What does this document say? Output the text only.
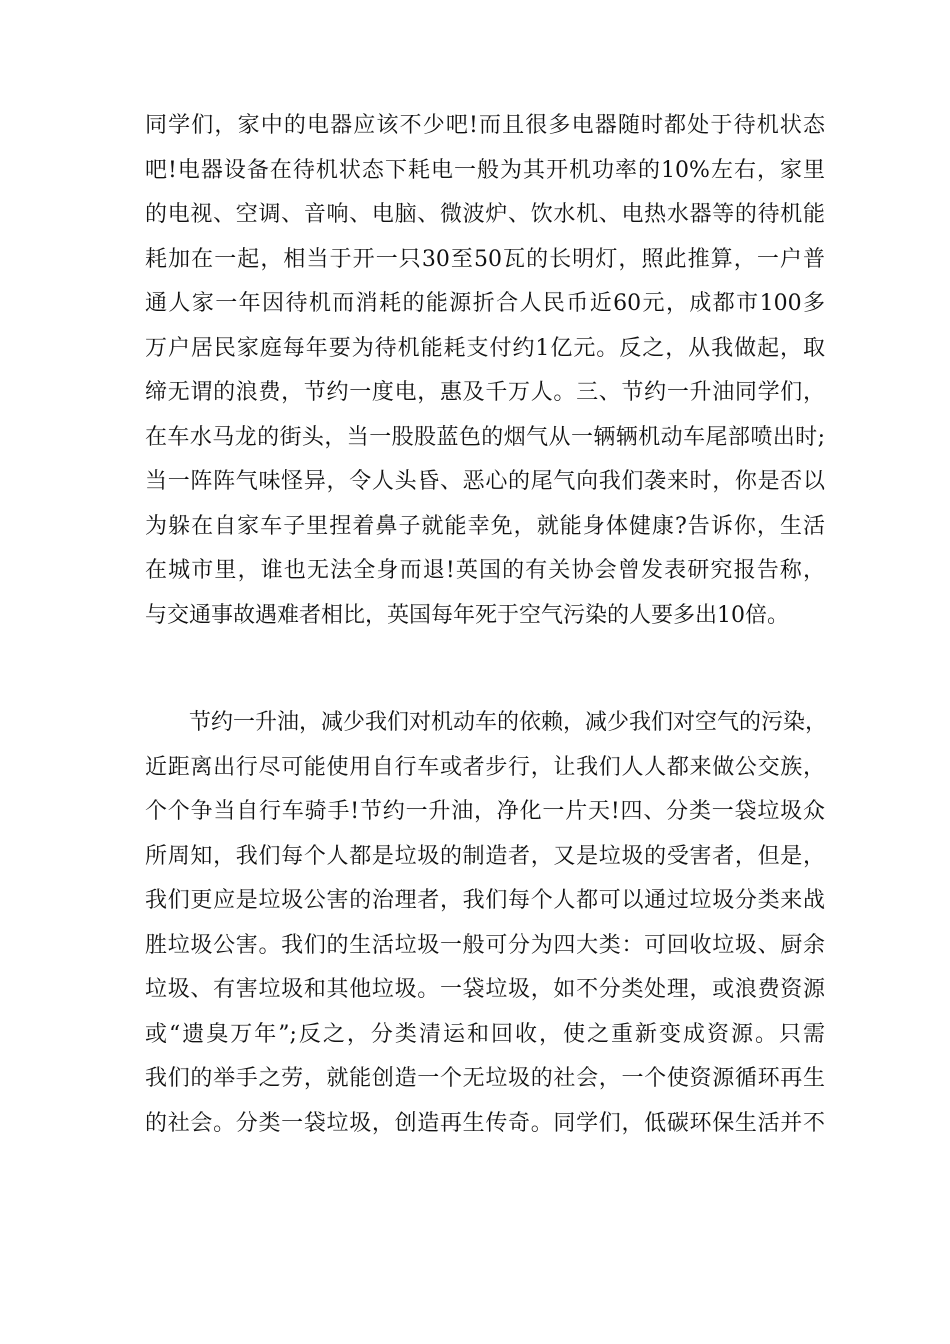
同学们，家中的电器应该不少吧!而且很多电器随时都处于待机状态
吧!电器设备在待机状态下耗电一般为其开机功率的10%左右，家里
的电视、空调、音响、电脑、微波炉、饮水机、电热水器等的待机能
耗加在一起，相当于开一只30至50瓦的长明灯，照此推算，一户普
通人家一年因待机而消耗的能源折合人民币近60元，成都市100多
万户居民家庭每年要为待机能耗支付约1亿元。反之，从我做起，取
缔无谓的浪费，节约一度电，惠及千万人。三、节约一升油同学们，
在车水马龙的街头，当一股股蓝色的烟气从一辆辆机动车尾部喷出时;
当一阵阵气味怪异，令人头昏、恶心的尾气向我们袭来时，你是否以
为躲在自家车子里捏着鼻子就能幸免，就能身体健康?告诉你，生活
在城市里，谁也无法全身而退!英国的有关协会曾发表研究报告称，
与交通事故遇难者相比，英国每年死于空气污染的人要多出10倍。
节约一升油，减少我们对机动车的依赖，减少我们对空气的污染，
近距离出行尽可能使用自行车或者步行，让我们人人都来做公交族，
个个争当自行车骑手!节约一升油，净化一片天!四、分类一袋垃圾众
所周知，我们每个人都是垃圾的制造者，又是垃圾的受害者，但是，
我们更应是垃圾公害的治理者，我们每个人都可以通过垃圾分类来战
胜垃圾公害。我们的生活垃圾一般可分为四大类：可回收垃圾、厨余
垃圾、有害垃圾和其他垃圾。一袋垃圾，如不分类处理，或浪费资源
或“遗臭万年”;反之，分类清运和回收，使之重新变成资源。只需
我们的举手之劳，就能创造一个无垃圾的社会，一个使资源循环再生
的社会。分类一袋垃圾，创造再生传奇。同学们，低碳环保生活并不
